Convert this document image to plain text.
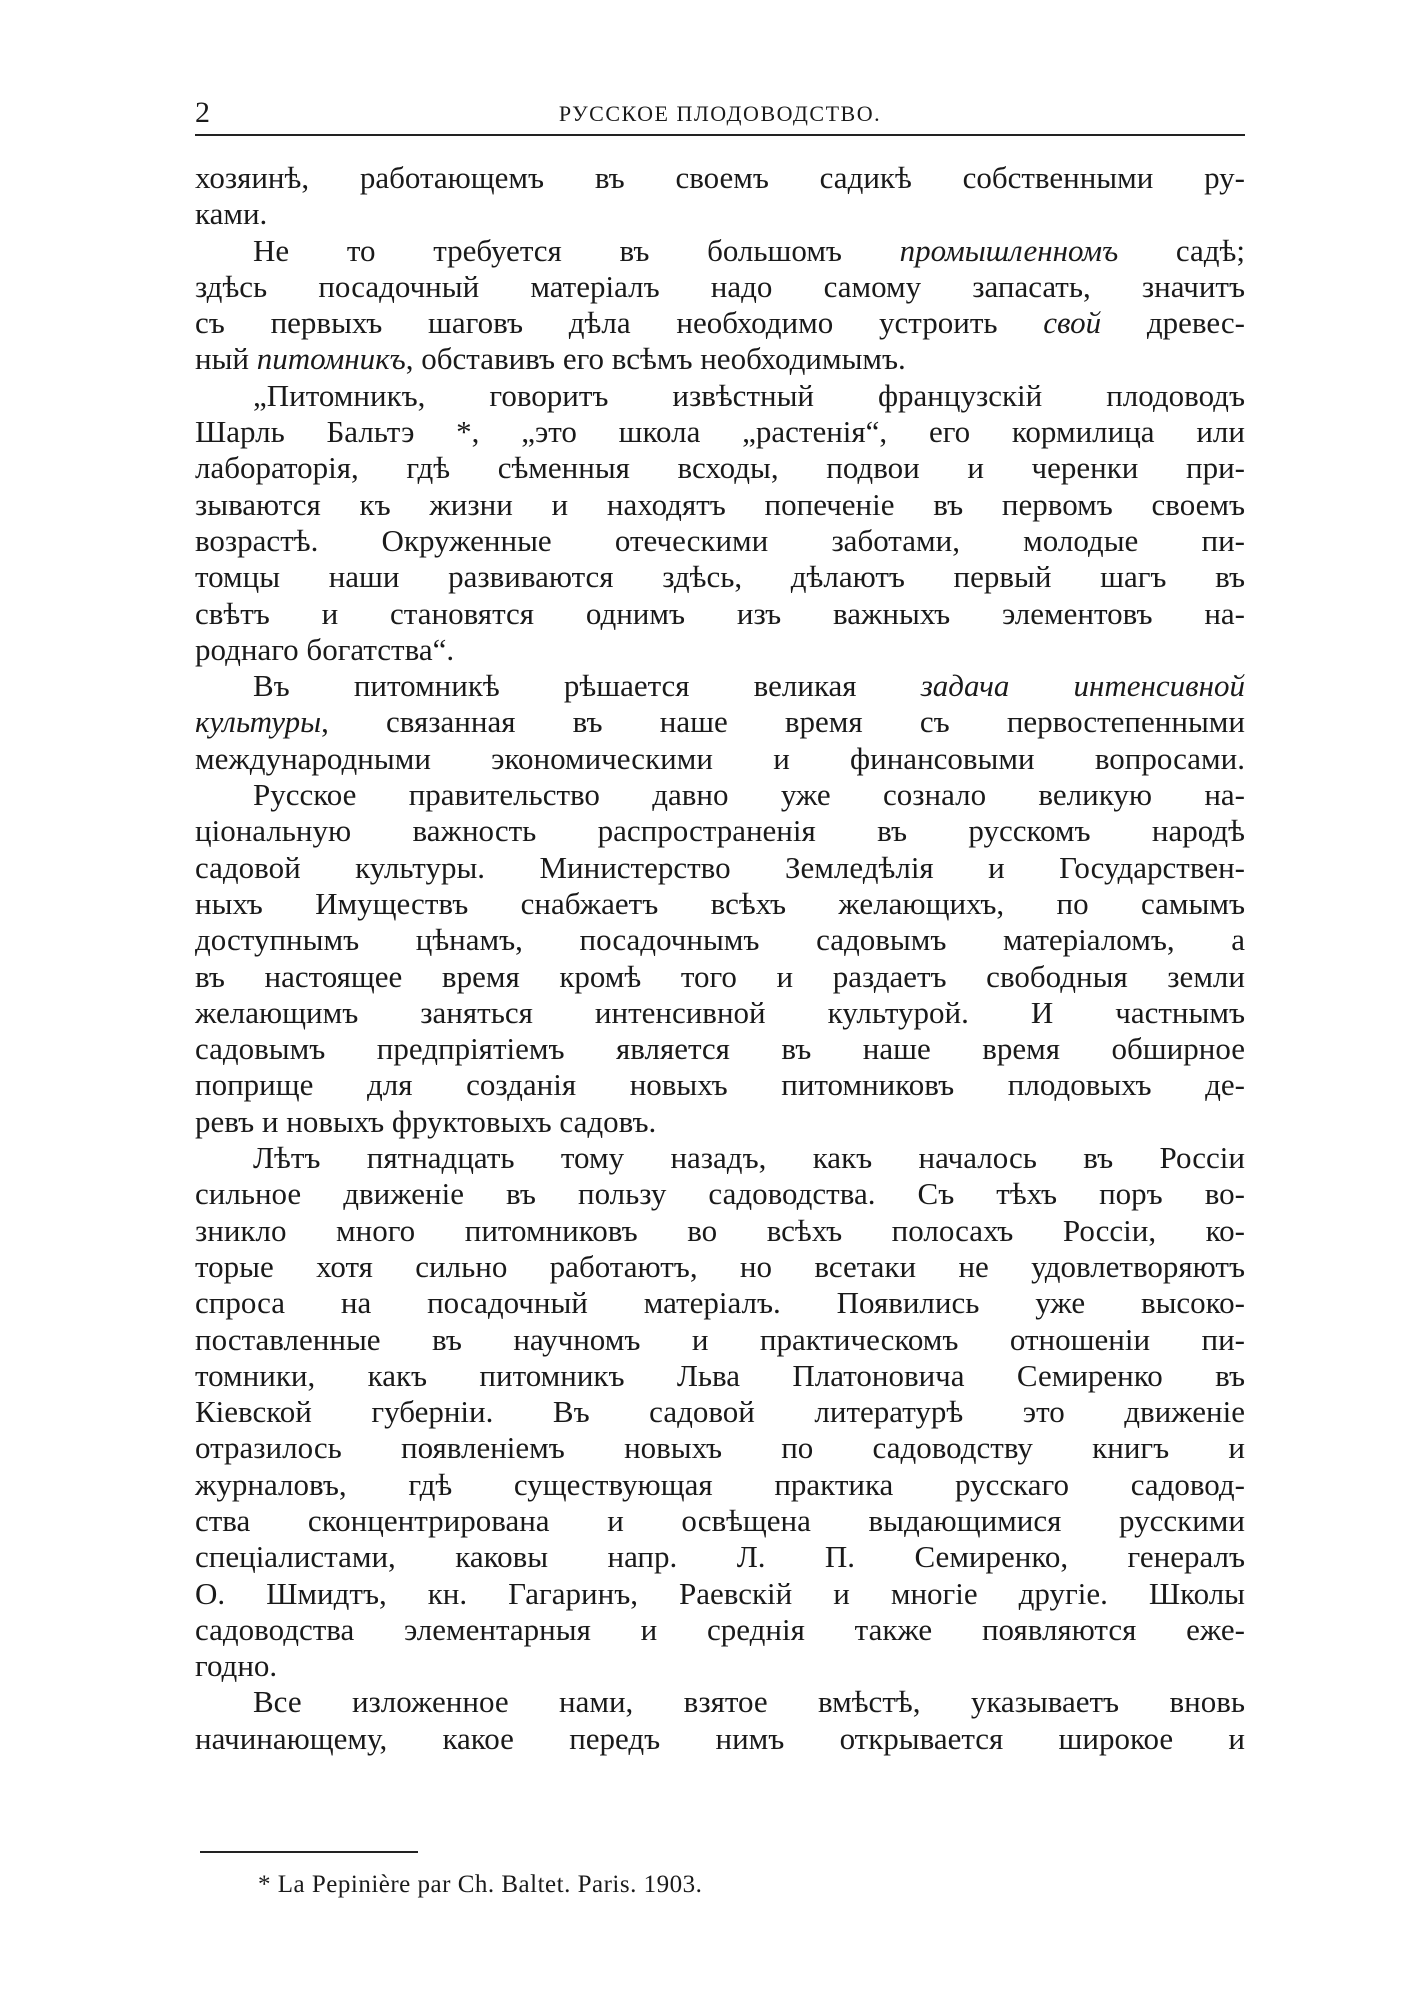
2	РУССКОЕ ПЛОДОВОДСТВО.
хозяинѣ, работающемъ въ своемъ садикѣ собственными ру-
ками.
Не то требуется въ большомъ промышленномъ садѣ;
здѣсь посадочный матеріалъ надо самому запасать, значитъ
съ первыхъ шаговъ дѣла необходимо устроить свой древес-
ный питомникъ, обставивъ его всѣмъ необходимымъ.
„Питомникъ, говоритъ извѣстный французскій плодоводъ
Шарль Бальтэ *, „это школа „растенія“, его кормилица или
лабораторія, гдѣ сѣменныя всходы, подвои и черенки при-
зываются къ жизни и находятъ попеченіе въ первомъ своемъ
возрастѣ. Окруженные отеческими заботами, молодые пи-
томцы наши развиваются здѣсь, дѣлаютъ первый шагъ въ
свѣтъ и становятся однимъ изъ важныхъ элементовъ на-
роднаго богатства“.
Въ питомникѣ рѣшается великая задача интенсивной
культуры, связанная въ наше время съ первостепенными
международными экономическими и финансовыми вопросами.
Русское правительство давно уже сознало великую на-
ціональную важность распространенія въ русскомъ народѣ
садовой культуры. Министерство Земледѣлія и Государствен-
ныхъ Имуществъ снабжаетъ всѣхъ желающихъ, по самымъ
доступнымъ цѣнамъ, посадочнымъ садовымъ матеріаломъ, а
въ настоящее время кромѣ того и раздаетъ свободныя земли
желающимъ заняться интенсивной культурой. И частнымъ
садовымъ предпріятіемъ является въ наше время обширное
поприще для созданія новыхъ питомниковъ плодовыхъ де-
ревъ и новыхъ фруктовыхъ садовъ.
Лѣтъ пятнадцать тому назадъ, какъ началось въ Россіи
сильное движеніе въ пользу садоводства. Съ тѣхъ поръ во-
зникло много питомниковъ во всѣхъ полосахъ Россіи, ко-
торые хотя сильно работаютъ, но всетаки не удовлетворяютъ
спроса на посадочный матеріалъ. Появились уже высоко-
поставленные въ научномъ и практическомъ отношеніи пи-
томники, какъ питомникъ Льва Платоновича Семиренко въ
Кіевской губерніи. Въ садовой литературѣ это движеніе
отразилось появленіемъ новыхъ по садоводству книгъ и
журналовъ, гдѣ существующая практика русскаго садовод-
ства сконцентрирована и освѣщена выдающимися русскими
спеціалистами, каковы напр. Л. П. Семиренко, генералъ
О. Шмидтъ, кн. Гагаринъ, Раевскій и многіе другіе. Школы
садоводства элементарныя и среднія также появляются еже-
годно.
Все изложенное нами, взятое вмѣстѣ, указываетъ вновь
начинающему, какое передъ нимъ открывается широкое и
* La Pepinière par Ch. Baltet. Paris. 1903.
